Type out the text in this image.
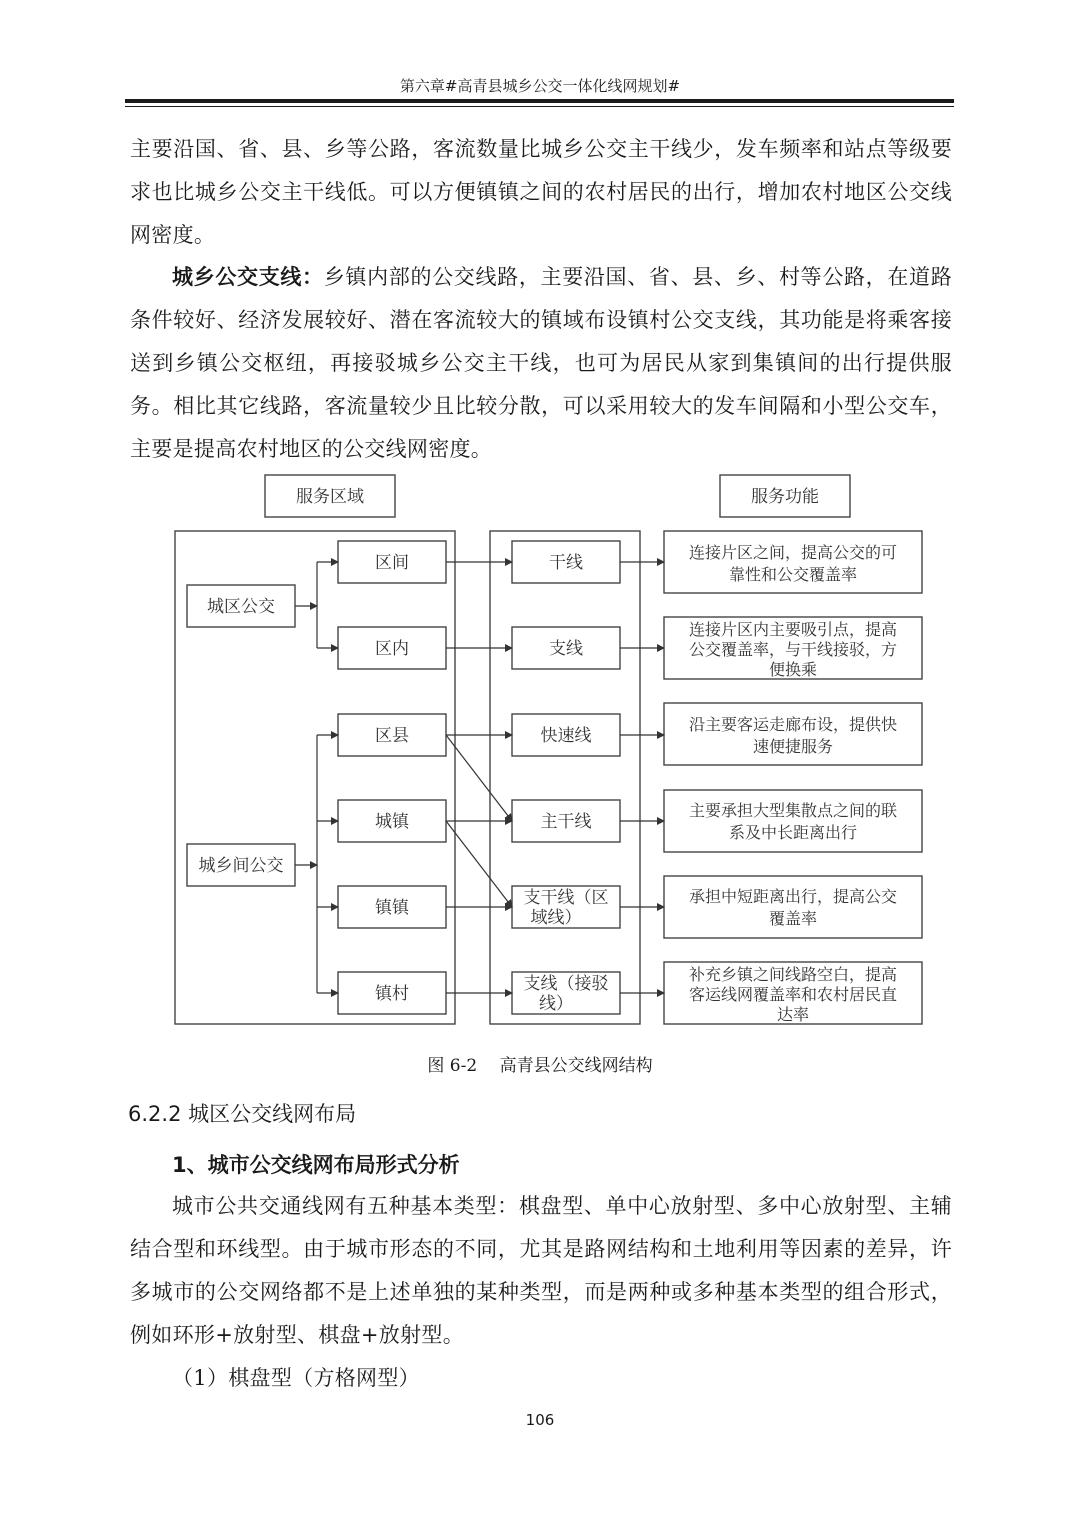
第六章#高青县城乡公交一体化线网规划#

主要沿国、省、县、乡等公路，客流数量比城乡公交主干线少，发车频率和站点等级要求也比城乡公交主干线低。可以方便镇镇之间的农村居民的出行，增加农村地区公交线网密度。

城乡公交支线：乡镇内部的公交线路，主要沿国、省、县、乡、村等公路，在道路条件较好、经济发展较好、潜在客流较大的镇域布设镇村公交支线，其功能是将乘客接送到乡镇公交枢纽，再接驳城乡公交主干线，也可为居民从家到集镇间的出行提供服务。相比其它线路，客流量较少且比较分散，可以采用较大的发车间隔和小型公交车，主要是提高农村地区的公交线网密度。

服务区域	服务功能
城区公交
城乡间公交
区间
区内
区县
城镇
镇镇
镇村
干线
支线
快速线
主干线
支干线（区
域线）
支线（接驳
线）
连接片区之间，提高公交的可
靠性和公交覆盖率
连接片区内主要吸引点，提高
公交覆盖率，与干线接驳，方
便换乘
沿主要客运走廊布设，提供快
速便捷服务
主要承担大型集散点之间的联
系及中长距离出行
承担中短距离出行，提高公交
覆盖率
补充乡镇之间线路空白，提高
客运线网覆盖率和农村居民直
达率
图 6-2　 高青县公交线网结构
6.2.2 城区公交线网布局
1、城市公交线网布局形式分析

城市公共交通线网有五种基本类型：棋盘型、单中心放射型、多中心放射型、主辅结合型和环线型。由于城市形态的不同，尤其是路网结构和土地利用等因素的差异，许多城市的公交网络都不是上述单独的某种类型，而是两种或多种基本类型的组合形式，例如环形+放射型、棋盘+放射型。

（1）棋盘型（方格网型）
106
